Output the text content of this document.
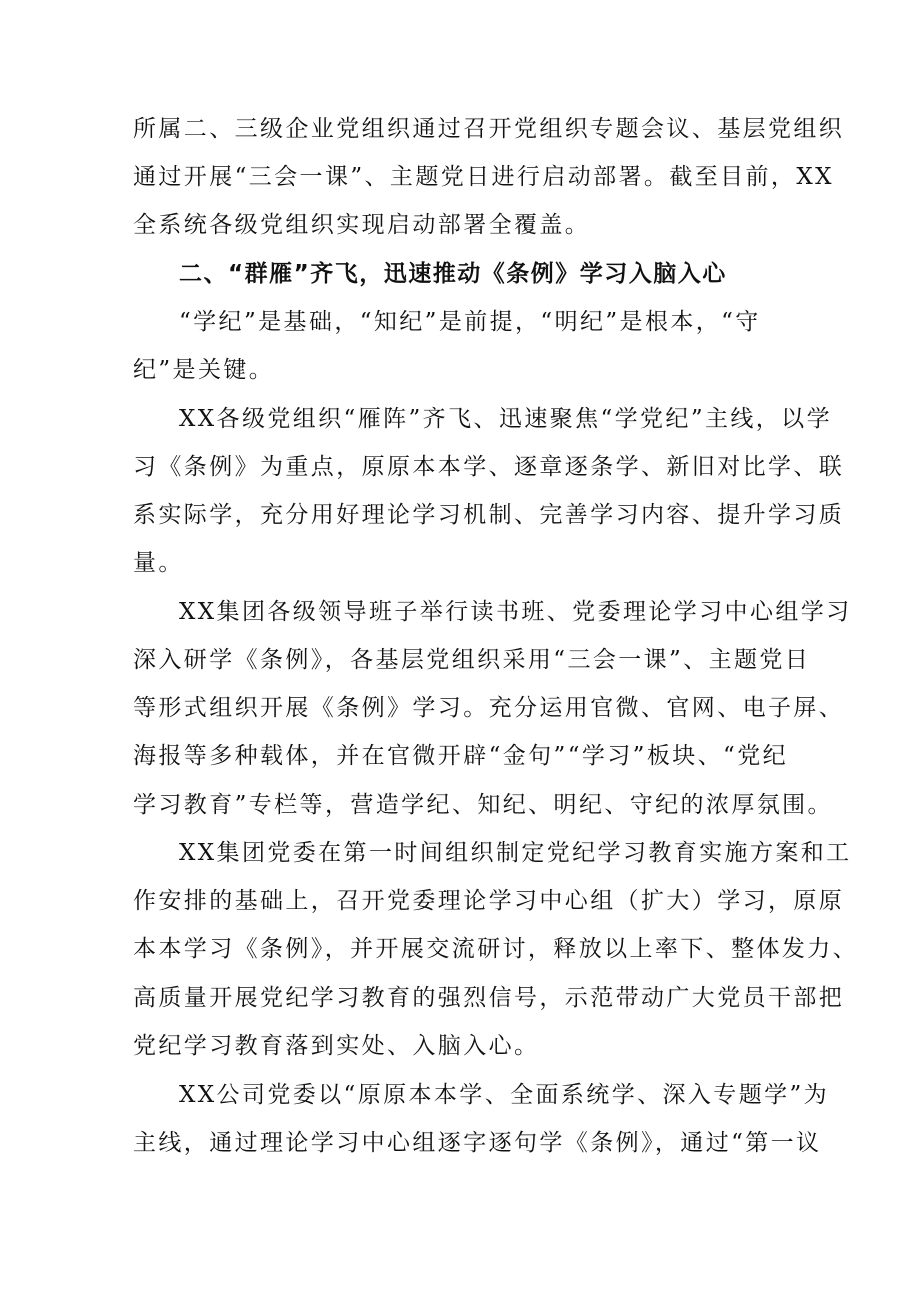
所属二、三级企业党组织通过召开党组织专题会议、基层党组织
通过开展“三会一课”、主题党日进行启动部署。截至目前，XX
全系统各级党组织实现启动部署全覆盖。
二、“群雁”齐飞，迅速推动《条例》学习入脑入心
“学纪”是基础，“知纪”是前提，“明纪”是根本，“守
纪”是关键。
XX各级党组织“雁阵”齐飞、迅速聚焦“学党纪”主线，以学
习《条例》为重点，原原本本学、逐章逐条学、新旧对比学、联
系实际学，充分用好理论学习机制、完善学习内容、提升学习质
量。
XX集团各级领导班子举行读书班、党委理论学习中心组学习
深入研学《条例》，各基层党组织采用“三会一课”、主题党日
等形式组织开展《条例》学习。充分运用官微、官网、电子屏、
海报等多种载体，并在官微开辟“金句”“学习”板块、“党纪
学习教育”专栏等，营造学纪、知纪、明纪、守纪的浓厚氛围。
XX集团党委在第一时间组织制定党纪学习教育实施方案和工
作安排的基础上，召开党委理论学习中心组（扩大）学习，原原
本本学习《条例》，并开展交流研讨，释放以上率下、整体发力、
高质量开展党纪学习教育的强烈信号，示范带动广大党员干部把
党纪学习教育落到实处、入脑入心。
XX公司党委以“原原本本学、全面系统学、深入专题学”为
主线，通过理论学习中心组逐字逐句学《条例》，通过“第一议
